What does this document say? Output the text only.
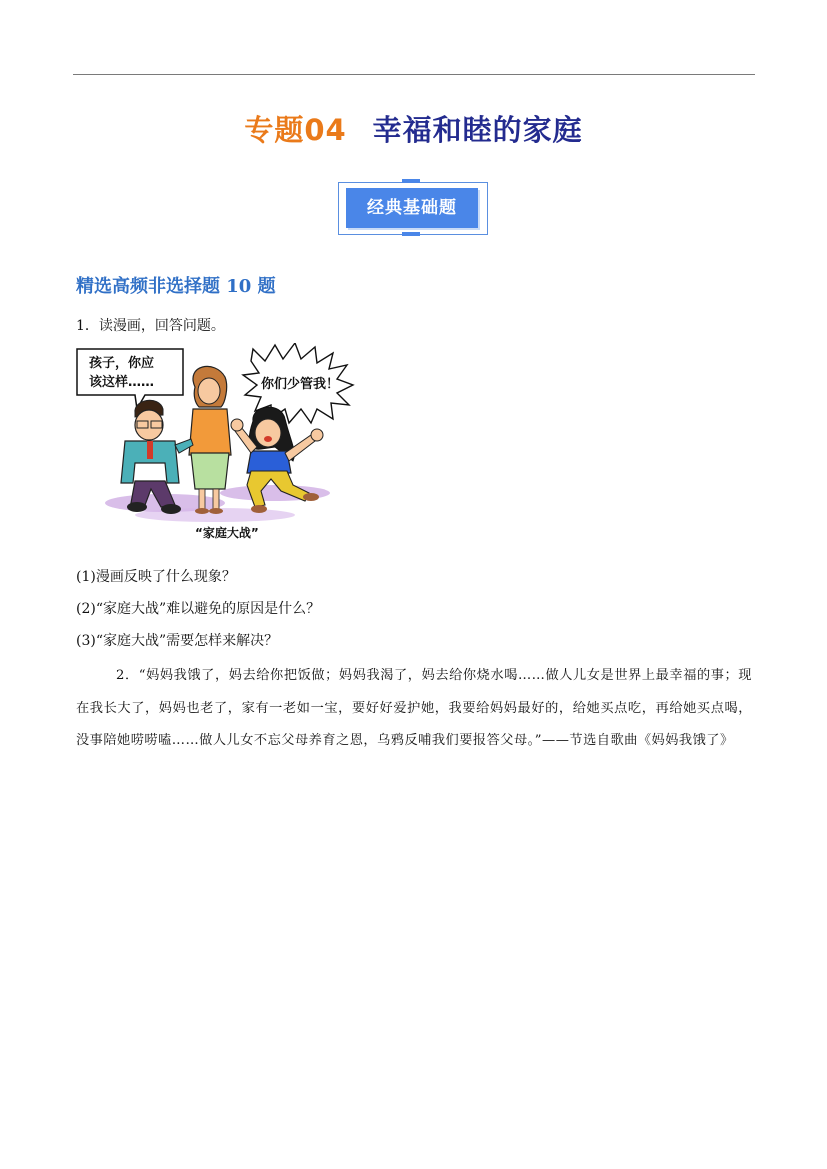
专题04 幸福和睦的家庭
经典基础题
精选高频非选择题 10 题
1．读漫画，回答问题。
孩子，你应
该这样……	你们少管我！
“家庭大战”
(1)漫画反映了什么现象？
(2)“家庭大战”难以避免的原因是什么？
(3)“家庭大战”需要怎样来解决？
2．“妈妈我饿了，妈去给你把饭做；妈妈我渴了，妈去给你烧水喝……做人儿女是世界上最幸福的事；现在我长大了，妈妈也老了，家有一老如一宝，要好好爱护她，我要给妈妈最好的，给她买点吃，再给她买点喝，没事陪她唠唠嗑……做人儿女不忘父母养育之恩，乌鸦反哺我们要报答父母。”——节选自歌曲《妈妈我饿了》
